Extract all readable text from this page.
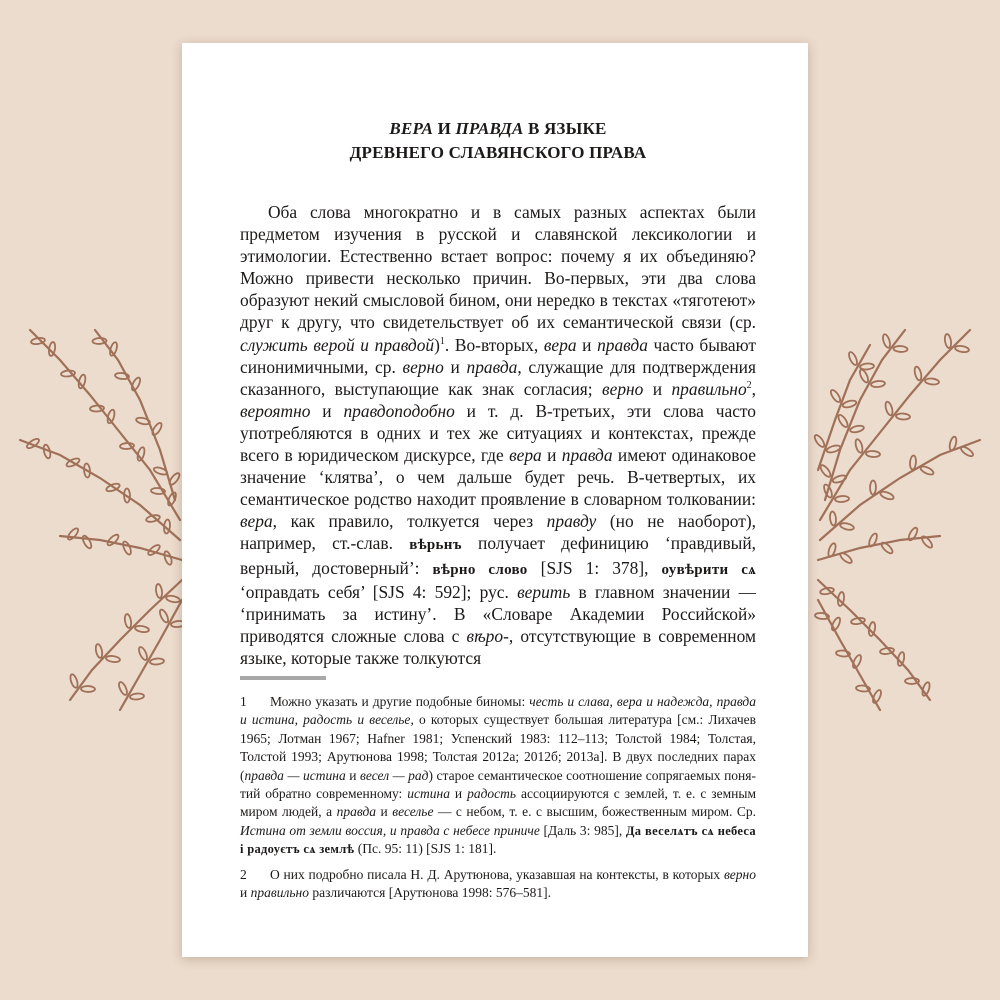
ВЕРА И ПРАВДА В ЯЗЫКЕ
ДРЕВНЕГО СЛАВЯНСКОГО ПРАВА
Оба слова многократно и в самых разных аспектах были предметом изучения в русской и славянской лексикологии и этимологии. Естественно встает вопрос: почему я их объединяю? Можно привести несколько причин. Во-первых, эти два слова образуют некий смысловой бином, они нередко в текстах «тяготеют» друг к другу, что свидетельствует об их семантической связи (ср. служить верой и правдой)$^1$. Во-вторых, вера и правда часто бывают синонимичными, ср. верно и правда, служащие для подтверждения сказанного, выступающие как знак согласия; верно и правильно$^2$, вероятно и правдоподобно и т. д. В-третьих, эти слова часто употребляются в одних и тех же ситуациях и контекстах, прежде всего в юридическом дискурсе, где вера и правда имеют одинаковое значение ‘клятва’, о чем дальше будет речь. В-четвертых, их семантическое родство находит проявление в словарном толковании: вера, как правило, толкуется через правду (но не наоборот), например, ст.-слав. вѣрьнъ получает дефиницию ‘правдивый, верный, достоверный’: вѣрно слово [SJS 1: 378], оувѣрити сѧ ‘оправдать себя’ [SJS 4: 592]; рус. верить в главном значении — ‘принимать за истину’. В «Словаре Академии Российской» приводятся сложные слова с вѣро-, отсутствующие в современном языке, которые также толкуются

1 Можно указать и другие подобные биномы: честь и слава, вера и надежда, правда и истина, радость и веселье, о которых существует большая литература [см.: Лихачев 1965; Лотман 1967; Hafner 1981; Успенский 1983: 112–113; Толстой 1984; Толстая, Толстой 1993; Арутюнова 1998; Толстая 2012а; 2012б; 2013а]. В двух последних парах (правда — истина и весел — рад) старое семантическое соотношение сопрягаемых понятий обратно современному: истина и радость ассоциируются с землей, т. е. с земным миром людей, а правда и веселье — с небом, т. е. с высшим, божественным миром. Ср. Истина от земли воссия, и правда с небесе приниче [Даль 3: 985], Да веселѧтъ сѧ небеса і радоуєтъ сѧ землѣ (Пс. 95: 11) [SJS 1: 181].

2 О них подробно писала Н. Д. Арутюнова, указавшая на контексты, в которых верно и правильно различаются [Арутюнова 1998: 576–581].
